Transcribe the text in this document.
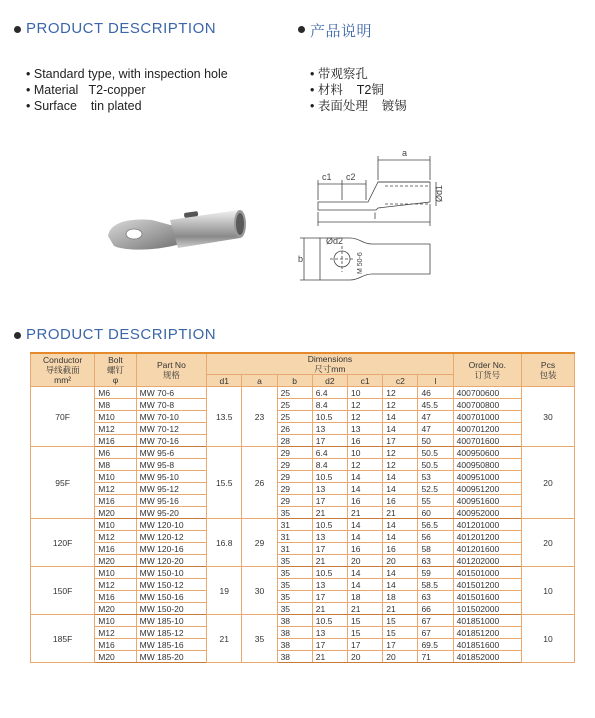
PRODUCT DESCRIPTION	产品说明
• Standard type, with inspection hole
• Material   T2-copper
• Surface    tin plated
• 带观察孔
• 材料    T2铜
• 表面处理    镀锡
a
c1 c2
l
Ød1
b
Ød2
M 50-6
PRODUCT DESCRIPTION
Conductor
导线截面
mm²	Bolt
螺钉
φ	Part No
规格	Dimensions
尺寸mm							Order No.
订货号	Pcs
包装
			d1	a	b	d2	c1	c2	l		
70F	M6	MW 70-6	13.5	23	25	6.4	10	12	46	400700600	30
	M8	MW 70-8			25	8.4	12	12	45.5	400700800	
	M10	MW 70-10			25	10.5	12	14	47	400701000	
	M12	MW 70-12			26	13	13	14	47	400701200	
	M16	MW 70-16			28	17	16	17	50	400701600	
95F	M6	MW 95-6	15.5	26	29	6.4	10	12	50.5	400950600	20
	M8	MW 95-8			29	8.4	12	12	50.5	400950800	
	M10	MW 95-10			29	10.5	14	14	53	400951000	
	M12	MW 95-12			29	13	14	14	52.5	400951200	
	M16	MW 95-16			29	17	16	16	55	400951600	
	M20	MW 95-20			35	21	21	21	60	400952000	
120F	M10	MW 120-10	16.8	29	31	10.5	14	14	56.5	401201000	20
	M12	MW 120-12			31	13	14	14	56	401201200	
	M16	MW 120-16			31	17	16	16	58	401201600	
	M20	MW 120-20			35	21	20	20	63	401202000	
150F	M10	MW 150-10	19	30	35	10.5	14	14	59	401501000	10
	M12	MW 150-12			35	13	14	14	58.5	401501200	
	M16	MW 150-16			35	17	18	18	63	401501600	
	M20	MW 150-20			35	21	21	21	66	101502000	
185F	M10	MW 185-10	21	35	38	10.5	15	15	67	401851000	10
	M12	MW 185-12			38	13	15	15	67	401851200	
	M16	MW 185-16			38	17	17	17	69.5	401851600	
	M20	MW 185-20			38	21	20	20	71	401852000	
